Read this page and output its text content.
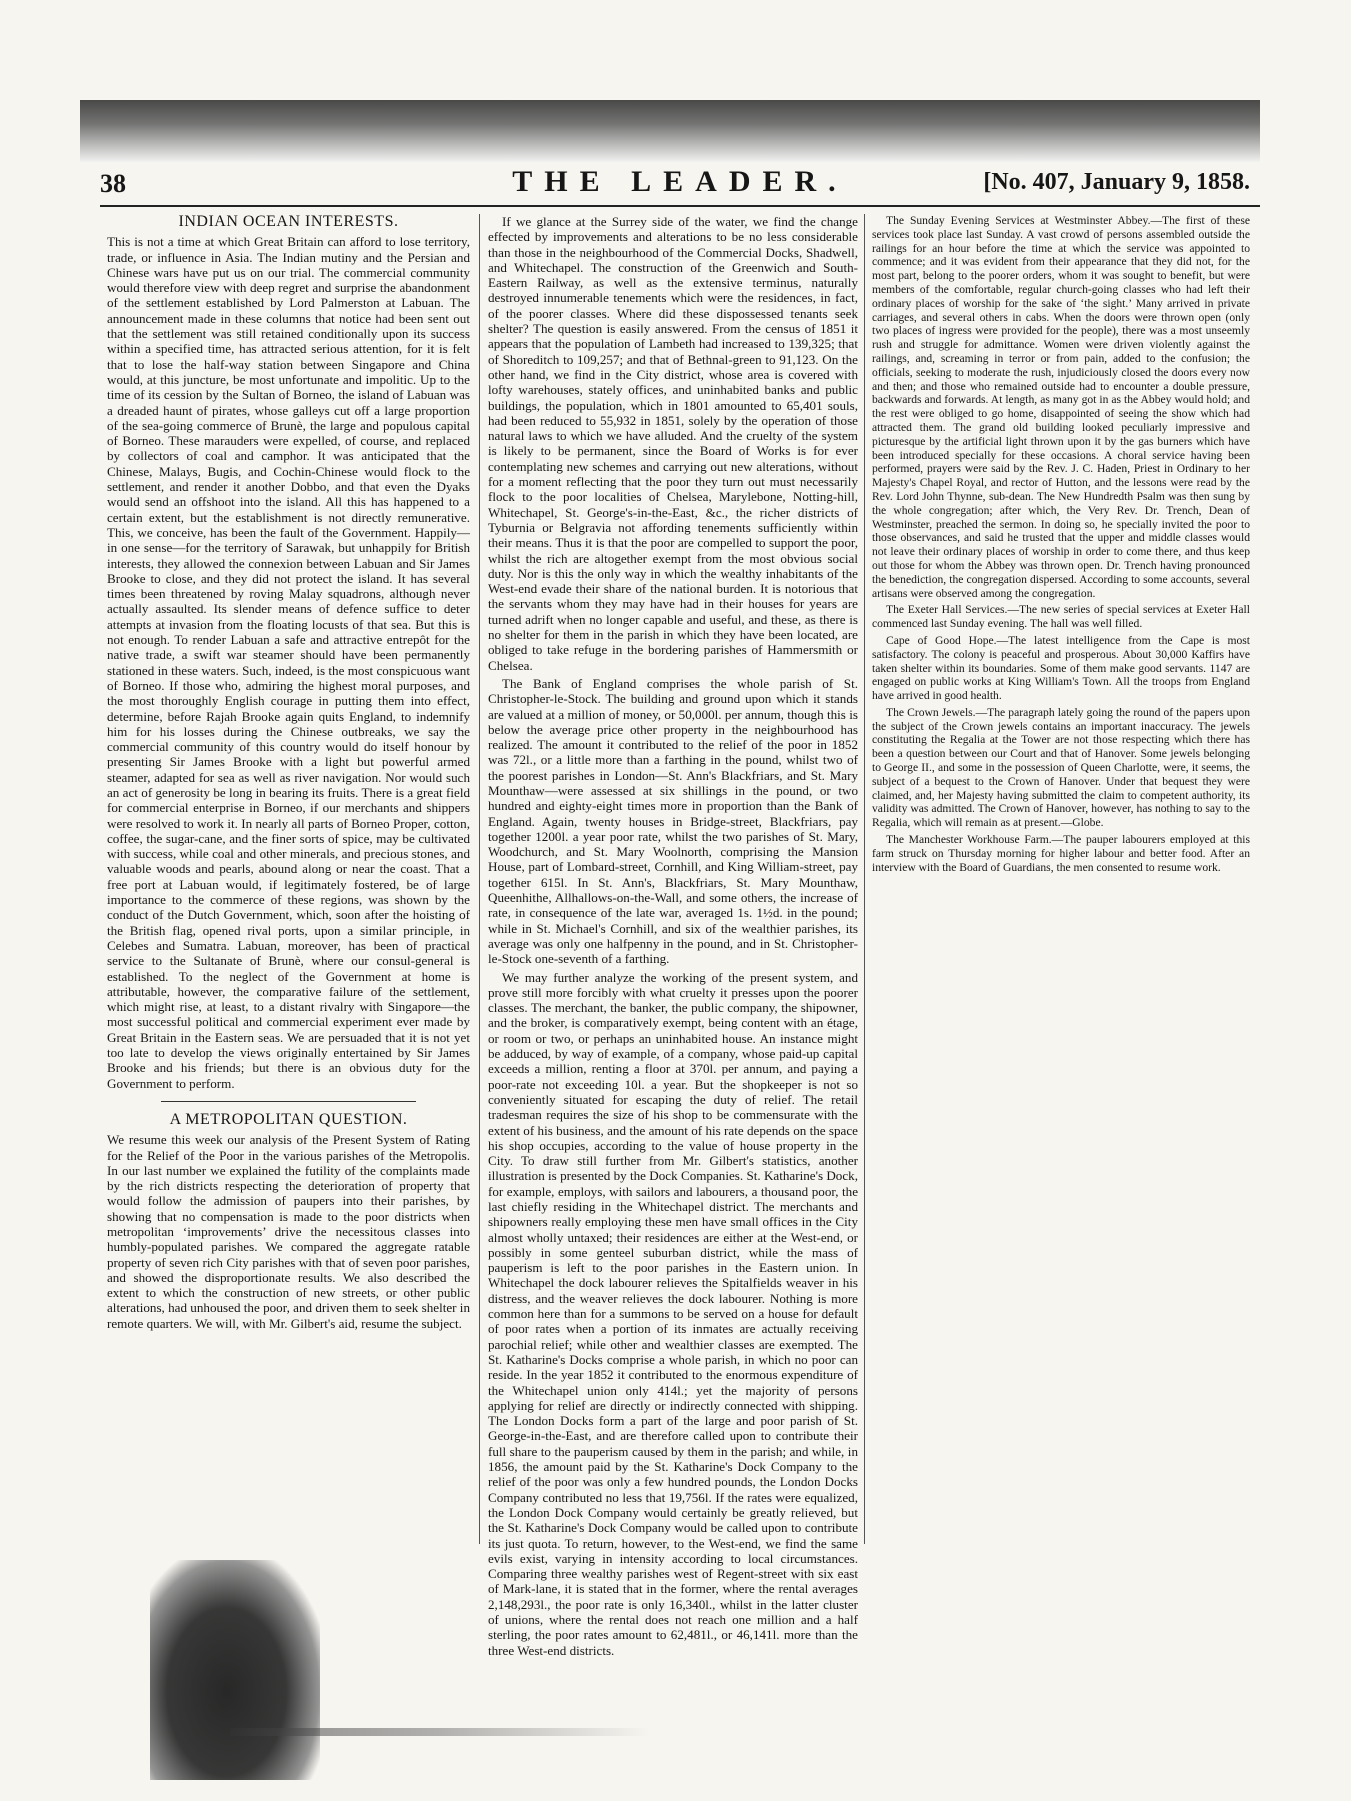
38	THE LEADER.	[No. 407, January 9, 1858.
INDIAN OCEAN INTERESTS.

This is not a time at which Great Britain can afford to lose territory, trade, or influence in Asia. The Indian mutiny and the Persian and Chinese wars have put us on our trial. The commercial community would therefore view with deep regret and surprise the abandonment of the settlement established by Lord Palmerston at Labuan. The announcement made in these columns that notice had been sent out that the settlement was still retained conditionally upon its success within a specified time, has attracted serious attention, for it is felt that to lose the half-way station between Singapore and China would, at this juncture, be most unfortunate and impolitic. Up to the time of its cession by the Sultan of Borneo, the island of Labuan was a dreaded haunt of pirates, whose galleys cut off a large proportion of the sea-going commerce of Brunè, the large and populous capital of Borneo. These marauders were expelled, of course, and replaced by collectors of coal and camphor. It was anticipated that the Chinese, Malays, Bugis, and Cochin-Chinese would flock to the settlement, and render it another Dobbo, and that even the Dyaks would send an offshoot into the island. All this has happened to a certain extent, but the establishment is not directly remunerative. This, we conceive, has been the fault of the Government. Happily—in one sense—for the territory of Sarawak, but unhappily for British interests, they allowed the connexion between Labuan and Sir James Brooke to close, and they did not protect the island. It has several times been threatened by roving Malay squadrons, although never actually assaulted. Its slender means of defence suffice to deter attempts at invasion from the floating locusts of that sea. But this is not enough. To render Labuan a safe and attractive entrepôt for the native trade, a swift war steamer should have been permanently stationed in these waters. Such, indeed, is the most conspicuous want of Borneo. If those who, admiring the highest moral purposes, and the most thoroughly English courage in putting them into effect, determine, before Rajah Brooke again quits England, to indemnify him for his losses during the Chinese outbreaks, we say the commercial community of this country would do itself honour by presenting Sir James Brooke with a light but powerful armed steamer, adapted for sea as well as river navigation. Nor would such an act of generosity be long in bearing its fruits. There is a great field for commercial enterprise in Borneo, if our merchants and shippers were resolved to work it. In nearly all parts of Borneo Proper, cotton, coffee, the sugar-cane, and the finer sorts of spice, may be cultivated with success, while coal and other minerals, and precious stones, and valuable woods and pearls, abound along or near the coast. That a free port at Labuan would, if legitimately fostered, be of large importance to the commerce of these regions, was shown by the conduct of the Dutch Government, which, soon after the hoisting of the British flag, opened rival ports, upon a similar principle, in Celebes and Sumatra. Labuan, moreover, has been of practical service to the Sultanate of Brunè, where our consul-general is established. To the neglect of the Government at home is attributable, however, the comparative failure of the settlement, which might rise, at least, to a distant rivalry with Singapore—the most successful political and commercial experiment ever made by Great Britain in the Eastern seas. We are persuaded that it is not yet too late to develop the views originally entertained by Sir James Brooke and his friends; but there is an obvious duty for the Government to perform.

A METROPOLITAN QUESTION.

We resume this week our analysis of the Present System of Rating for the Relief of the Poor in the various parishes of the Metropolis. In our last number we explained the futility of the complaints made by the rich districts respecting the deterioration of property that would follow the admission of paupers into their parishes, by showing that no compensation is made to the poor districts when metropolitan ‘improvements’ drive the necessitous classes into humbly-populated parishes. We compared the aggregate ratable property of seven rich City parishes with that of seven poor parishes, and showed the disproportionate results. We also described the extent to which the construction of new streets, or other public alterations, had unhoused the poor, and driven them to seek shelter in remote quarters. We will, with Mr. Gilbert's aid, resume the subject.

If we glance at the Surrey side of the water, we find the change effected by improvements and alterations to be no less considerable than those in the neighbourhood of the Commercial Docks, Shadwell, and Whitechapel. The construction of the Greenwich and South-Eastern Railway, as well as the extensive terminus, naturally destroyed innumerable tenements which were the residences, in fact, of the poorer classes. Where did these dispossessed tenants seek shelter? The question is easily answered. From the census of 1851 it appears that the population of Lambeth had increased to 139,325; that of Shoreditch to 109,257; and that of Bethnal-green to 91,123. On the other hand, we find in the City district, whose area is covered with lofty warehouses, stately offices, and uninhabited banks and public buildings, the population, which in 1801 amounted to 65,401 souls, had been reduced to 55,932 in 1851, solely by the operation of those natural laws to which we have alluded. And the cruelty of the system is likely to be permanent, since the Board of Works is for ever contemplating new schemes and carrying out new alterations, without for a moment reflecting that the poor they turn out must necessarily flock to the poor localities of Chelsea, Marylebone, Notting-hill, Whitechapel, St. George's-in-the-East, &c., the richer districts of Tyburnia or Belgravia not affording tenements sufficiently within their means. Thus it is that the poor are compelled to support the poor, whilst the rich are altogether exempt from the most obvious social duty. Nor is this the only way in which the wealthy inhabitants of the West-end evade their share of the national burden. It is notorious that the servants whom they may have had in their houses for years are turned adrift when no longer capable and useful, and these, as there is no shelter for them in the parish in which they have been located, are obliged to take refuge in the bordering parishes of Hammersmith or Chelsea.

The Bank of England comprises the whole parish of St. Christopher-le-Stock. The building and ground upon which it stands are valued at a million of money, or 50,000l. per annum, though this is below the average price other property in the neighbourhood has realized. The amount it contributed to the relief of the poor in 1852 was 72l., or a little more than a farthing in the pound, whilst two of the poorest parishes in London—St. Ann's Blackfriars, and St. Mary Mounthaw—were assessed at six shillings in the pound, or two hundred and eighty-eight times more in proportion than the Bank of England. Again, twenty houses in Bridge-street, Blackfriars, pay together 1200l. a year poor rate, whilst the two parishes of St. Mary, Woodchurch, and St. Mary Woolnorth, comprising the Mansion House, part of Lombard-street, Cornhill, and King William-street, pay together 615l. In St. Ann's, Blackfriars, St. Mary Mounthaw, Queenhithe, Allhallows-on-the-Wall, and some others, the increase of rate, in consequence of the late war, averaged 1s. 1½d. in the pound; while in St. Michael's Cornhill, and six of the wealthier parishes, its average was only one halfpenny in the pound, and in St. Christopher-le-Stock one-seventh of a farthing.

We may further analyze the working of the present system, and prove still more forcibly with what cruelty it presses upon the poorer classes. The merchant, the banker, the public company, the shipowner, and the broker, is comparatively exempt, being content with an étage, or room or two, or perhaps an uninhabited house. An instance might be adduced, by way of example, of a company, whose paid-up capital exceeds a million, renting a floor at 370l. per annum, and paying a poor-rate not exceeding 10l. a year. But the shopkeeper is not so conveniently situated for escaping the duty of relief. The retail tradesman requires the size of his shop to be commensurate with the extent of his business, and the amount of his rate depends on the space his shop occupies, according to the value of house property in the City. To draw still further from Mr. Gilbert's statistics, another illustration is presented by the Dock Companies. St. Katharine's Dock, for example, employs, with sailors and labourers, a thousand poor, the last chiefly residing in the Whitechapel district. The merchants and shipowners really employing these men have small offices in the City almost wholly untaxed; their residences are either at the West-end, or possibly in some genteel suburban district, while the mass of pauperism is left to the poor parishes in the Eastern union. In Whitechapel the dock labourer relieves the Spitalfields weaver in his distress, and the weaver relieves the dock labourer. Nothing is more common here than for a summons to be served on a house for default of poor rates when a portion of its inmates are actually receiving parochial relief; while other and wealthier classes are exempted. The St. Katharine's Docks comprise a whole parish, in which no poor can reside. In the year 1852 it contributed to the enormous expenditure of the Whitechapel union only 414l.; yet the majority of persons applying for relief are directly or indirectly connected with shipping. The London Docks form a part of the large and poor parish of St. George-in-the-East, and are therefore called upon to contribute their full share to the pauperism caused by them in the parish; and while, in 1856, the amount paid by the St. Katharine's Dock Company to the relief of the poor was only a few hundred pounds, the London Docks Company contributed no less that 19,756l. If the rates were equalized, the London Dock Company would certainly be greatly relieved, but the St. Katharine's Dock Company would be called upon to contribute its just quota. To return, however, to the West-end, we find the same evils exist, varying in intensity according to local circumstances. Comparing three wealthy parishes west of Regent-street with six east of Mark-lane, it is stated that in the former, where the rental averages 2,148,293l., the poor rate is only 16,340l., whilst in the latter cluster of unions, where the rental does not reach one million and a half sterling, the poor rates amount to 62,481l., or 46,141l. more than the three West-end districts.

The Sunday Evening Services at Westminster Abbey.—The first of these services took place last Sunday. A vast crowd of persons assembled outside the railings for an hour before the time at which the service was appointed to commence; and it was evident from their appearance that they did not, for the most part, belong to the poorer orders, whom it was sought to benefit, but were members of the comfortable, regular church-going classes who had left their ordinary places of worship for the sake of ‘the sight.’ Many arrived in private carriages, and several others in cabs. When the doors were thrown open (only two places of ingress were provided for the people), there was a most unseemly rush and struggle for admittance. Women were driven violently against the railings, and, screaming in terror or from pain, added to the confusion; the officials, seeking to moderate the rush, injudiciously closed the doors every now and then; and those who remained outside had to encounter a double pressure, backwards and forwards. At length, as many got in as the Abbey would hold; and the rest were obliged to go home, disappointed of seeing the show which had attracted them. The grand old building looked peculiarly impressive and picturesque by the artificial light thrown upon it by the gas burners which have been introduced specially for these occasions. A choral service having been performed, prayers were said by the Rev. J. C. Haden, Priest in Ordinary to her Majesty's Chapel Royal, and rector of Hutton, and the lessons were read by the Rev. Lord John Thynne, sub-dean. The New Hundredth Psalm was then sung by the whole congregation; after which, the Very Rev. Dr. Trench, Dean of Westminster, preached the sermon. In doing so, he specially invited the poor to those observances, and said he trusted that the upper and middle classes would not leave their ordinary places of worship in order to come there, and thus keep out those for whom the Abbey was thrown open. Dr. Trench having pronounced the benediction, the congregation dispersed. According to some accounts, several artisans were observed among the congregation.

The Exeter Hall Services.—The new series of special services at Exeter Hall commenced last Sunday evening. The hall was well filled.

Cape of Good Hope.—The latest intelligence from the Cape is most satisfactory. The colony is peaceful and prosperous. About 30,000 Kaffirs have taken shelter within its boundaries. Some of them make good servants. 1147 are engaged on public works at King William's Town. All the troops from England have arrived in good health.

The Crown Jewels.—The paragraph lately going the round of the papers upon the subject of the Crown jewels contains an important inaccuracy. The jewels constituting the Regalia at the Tower are not those respecting which there has been a question between our Court and that of Hanover. Some jewels belonging to George II., and some in the possession of Queen Charlotte, were, it seems, the subject of a bequest to the Crown of Hanover. Under that bequest they were claimed, and, her Majesty having submitted the claim to competent authority, its validity was admitted. The Crown of Hanover, however, has nothing to say to the Regalia, which will remain as at present.—Globe.

The Manchester Workhouse Farm.—The pauper labourers employed at this farm struck on Thursday morning for higher labour and better food. After an interview with the Board of Guardians, the men consented to resume work.
